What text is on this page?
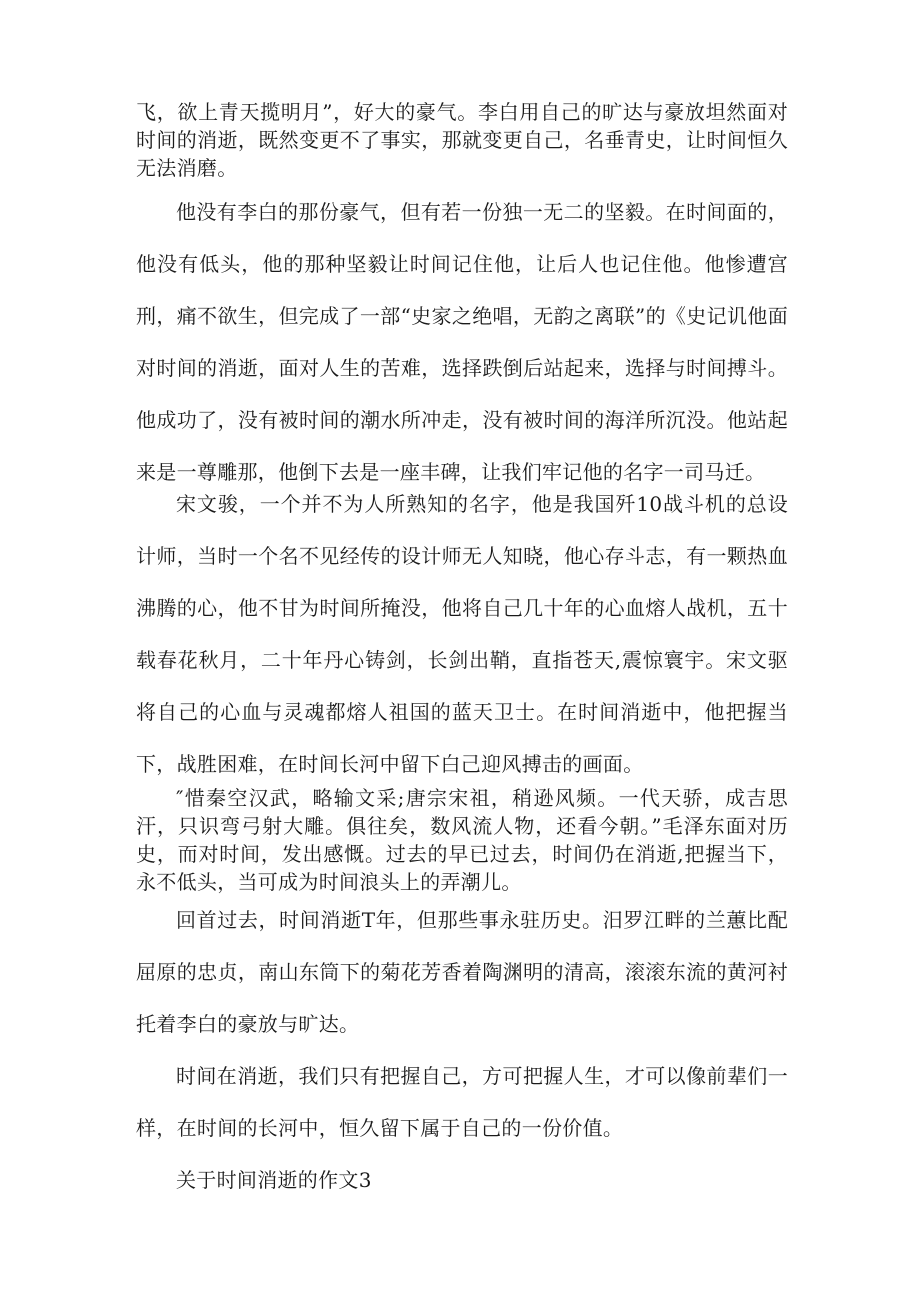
飞，欲上青天揽明月”，好大的豪气。李白用自己的旷达与豪放坦然面对时间的消逝，既然变更不了事实，那就变更自己，名垂青史，让时间恒久无法消磨。

他没有李白的那份豪气，但有若一份独一无二的坚毅。在时间面的，他没有低头，他的那种坚毅让时间记住他，让后人也记住他。他惨遭宫刑，痛不欲生，但完成了一部“史家之绝唱，无韵之离联”的《史记讥他面对时间的消逝，面对人生的苦难，选择跌倒后站起来，选择与时间搏斗。他成功了，没有被时间的潮水所冲走，没有被时间的海洋所沉没。他站起来是一尊雕那，他倒下去是一座丰碑，让我们牢记他的名字一司马迁。

宋文骏，一个并不为人所熟知的名字，他是我国歼10战斗机的总设计师，当时一个名不见经传的设计师无人知晓，他心存斗志，有一颗热血沸腾的心，他不甘为时间所掩没，他将自己几十年的心血熔人战机，五十载春花秋月，二十年丹心铸剑，长剑出鞘，直指苍天,震惊寰宇。宋文驱将自己的心血与灵魂都熔人祖国的蓝天卫士。在时间消逝中，他把握当下，战胜困难，在时间长河中留下白己迎风搏击的画面。

″惜秦空汉武，略输文采;唐宗宋祖，稍逊风频。一代天骄，成吉思汗，只识弯弓射大雕。俱往矣，数风流人物，还看今朝。”毛泽东面对历史，而对时间，发出感慨。过去的早已过去，时间仍在消逝,把握当下，永不低头，当可成为时间浪头上的弄潮儿。

回首过去，时间消逝T年，但那些事永驻历史。汨罗江畔的兰蕙比配屈原的忠贞，南山东筒下的菊花芳香着陶渊明的清高，滚滚东流的黄河衬托着李白的豪放与旷达。

时间在消逝，我们只有把握自己，方可把握人生，才可以像前辈们一样，在时间的长河中，恒久留下属于自己的一份价值。

关于时间消逝的作文3
